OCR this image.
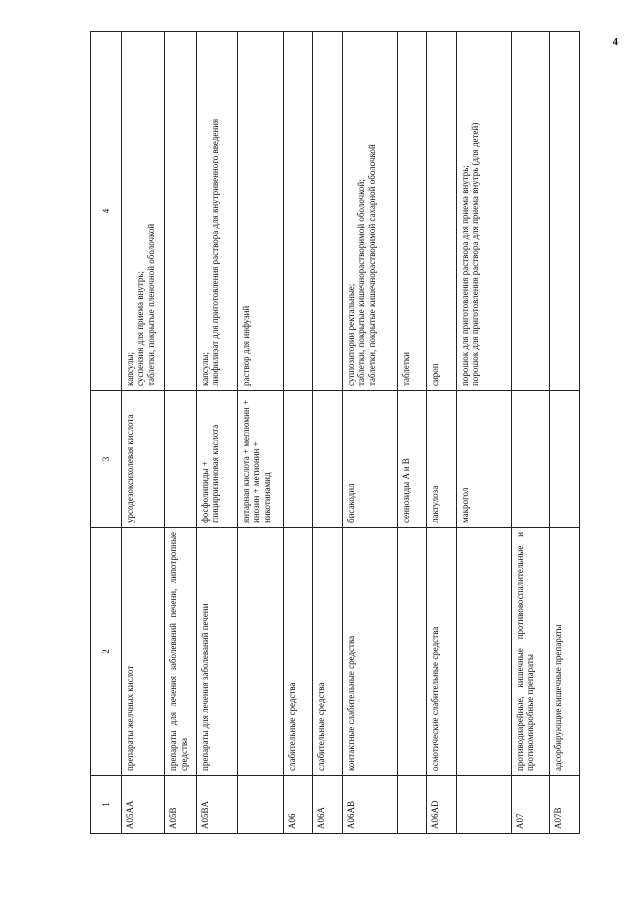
4
1	2	3	4
A05AA	препараты желчных кислот	урсодезоксихолевая кислота	капсулы; суспензия для приема внутрь; таблетки, покрытые пленочной оболочкой

A05B	препараты для лечения заболеваний печени, липотропные средства		
A05BA	препараты для лечения заболеваний печени	фосфолипиды + глицирризиновая кислота	капсулы; лиофилизат для приготовления раствора для внутривенного введения

		янтарная кислота + меглюмин + инозин + метионин + никотинамид	раствор для инфузий

A06	слабительные средства		
A06A	слабительные средства		
A06AB	контактные слабительные средства	бисакодил	суппозитории ректальные; таблетки, покрытые кишечнорастворимой оболочкой; таблетки, покрытые кишечнорастворимой сахарной оболочкой

		сеннозиды A и B	таблетки

A06AD	осмотические слабительные средства	лактулоза	сироп

		макрогол	порошок для приготовления раствора для приема внутрь; порошок для приготовления раствора для приема внутрь (для детей)

A07	противодиарейные, кишечные противовоспалительные и противомикробные препараты		
A07B	адсорбирующие кишечные препараты		
